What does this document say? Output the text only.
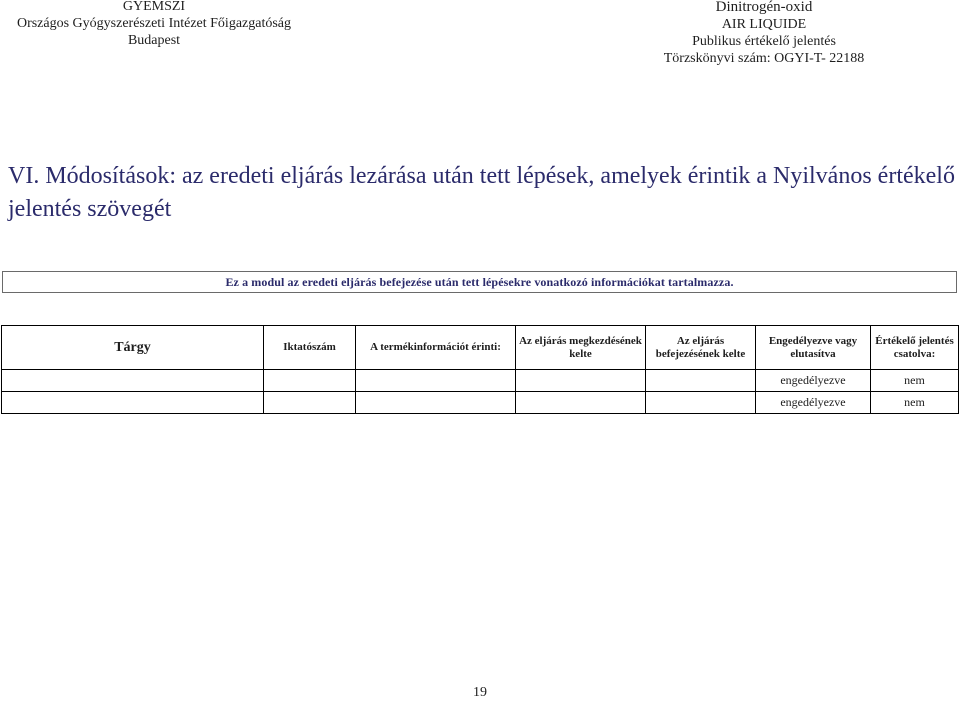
GYEMSZI
Országos Gyógyszerészeti Intézet Főigazgatóság
Budapest
Dinitrogén-oxid
AIR LIQUIDE
Publikus értékelő jelentés
Törzskönyvi szám: OGYI-T- 22188
VI. Módosítások: az eredeti eljárás lezárása után tett lépések, amelyek érintik a Nyilvános értékelő jelentés szövegét
Ez a modul az eredeti eljárás befejezése után tett lépésekre vonatkozó információkat tartalmazza.
Tárgy	Iktatószám	A termékinformációt érinti:	Az eljárás megkezdésének kelte	Az eljárás befejezésének kelte	Engedélyezve vagy elutasítva	Értékelő jelentés csatolva:
					engedélyezve	nem
					engedélyezve	nem
19
